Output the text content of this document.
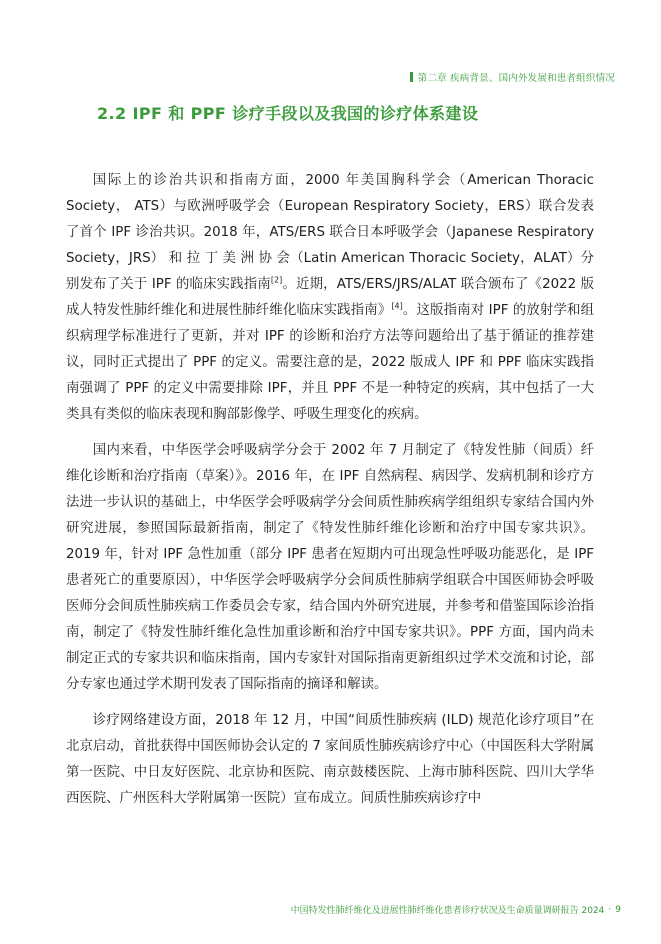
第二章 疾病背景、国内外发展和患者组织情况
2.2 IPF 和 PPF 诊疗手段以及我国的诊疗体系建设

国际上的诊治共识和指南方面，2000 年美国胸科学会（American Thoracic Society， ATS）与欧洲呼吸学会（European Respiratory Society，ERS）联合发表了首个 IPF 诊治共识。2018 年，ATS/ERS 联合日本呼吸学会（Japanese Respiratory Society，JRS） 和 拉 丁 美 洲 协 会（Latin American Thoracic Society，ALAT）分别发布了关于 IPF 的临床实践指南[2]。近期，ATS/ERS/JRS/ALAT 联合颁布了《2022 版成人特发性肺纤维化和进展性肺纤维化临床实践指南》[4]。这版指南对 IPF 的放射学和组织病理学标准进行了更新，并对 IPF 的诊断和治疗方法等问题给出了基于循证的推荐建议，同时正式提出了 PPF 的定义。需要注意的是，2022 版成人 IPF 和 PPF 临床实践指南强调了 PPF 的定义中需要排除 IPF，并且 PPF 不是一种特定的疾病，其中包括了一大类具有类似的临床表现和胸部影像学、呼吸生理变化的疾病。

国内来看，中华医学会呼吸病学分会于 2002 年 7 月制定了《特发性肺（间质）纤维化诊断和治疗指南（草案）》。2016 年，在 IPF 自然病程、病因学、发病机制和诊疗方法进一步认识的基础上，中华医学会呼吸病学分会间质性肺疾病学组组织专家结合国内外研究进展，参照国际最新指南，制定了《特发性肺纤维化诊断和治疗中国专家共识》。2019 年，针对 IPF 急性加重（部分 IPF 患者在短期内可出现急性呼吸功能恶化，是 IPF 患者死亡的重要原因），中华医学会呼吸病学分会间质性肺病学组联合中国医师协会呼吸医师分会间质性肺疾病工作委员会专家，结合国内外研究进展，并参考和借鉴国际诊治指南，制定了《特发性肺纤维化急性加重诊断和治疗中国专家共识》。PPF 方面，国内尚未制定正式的专家共识和临床指南，国内专家针对国际指南更新组织过学术交流和讨论，部分专家也通过学术期刊发表了国际指南的摘译和解读。

诊疗网络建设方面，2018 年 12 月，中国“间质性肺疾病 (ILD) 规范化诊疗项目”在北京启动，首批获得中国医师协会认定的 7 家间质性肺疾病诊疗中心（中国医科大学附属第一医院、中日友好医院、北京协和医院、南京鼓楼医院、上海市肺科医院、四川大学华西医院、广州医科大学附属第一医院）宣布成立。间质性肺疾病诊疗中

中国特发性肺纤维化及进展性肺纤维化患者诊疗状况及生命质量调研报告 2024 · 9
